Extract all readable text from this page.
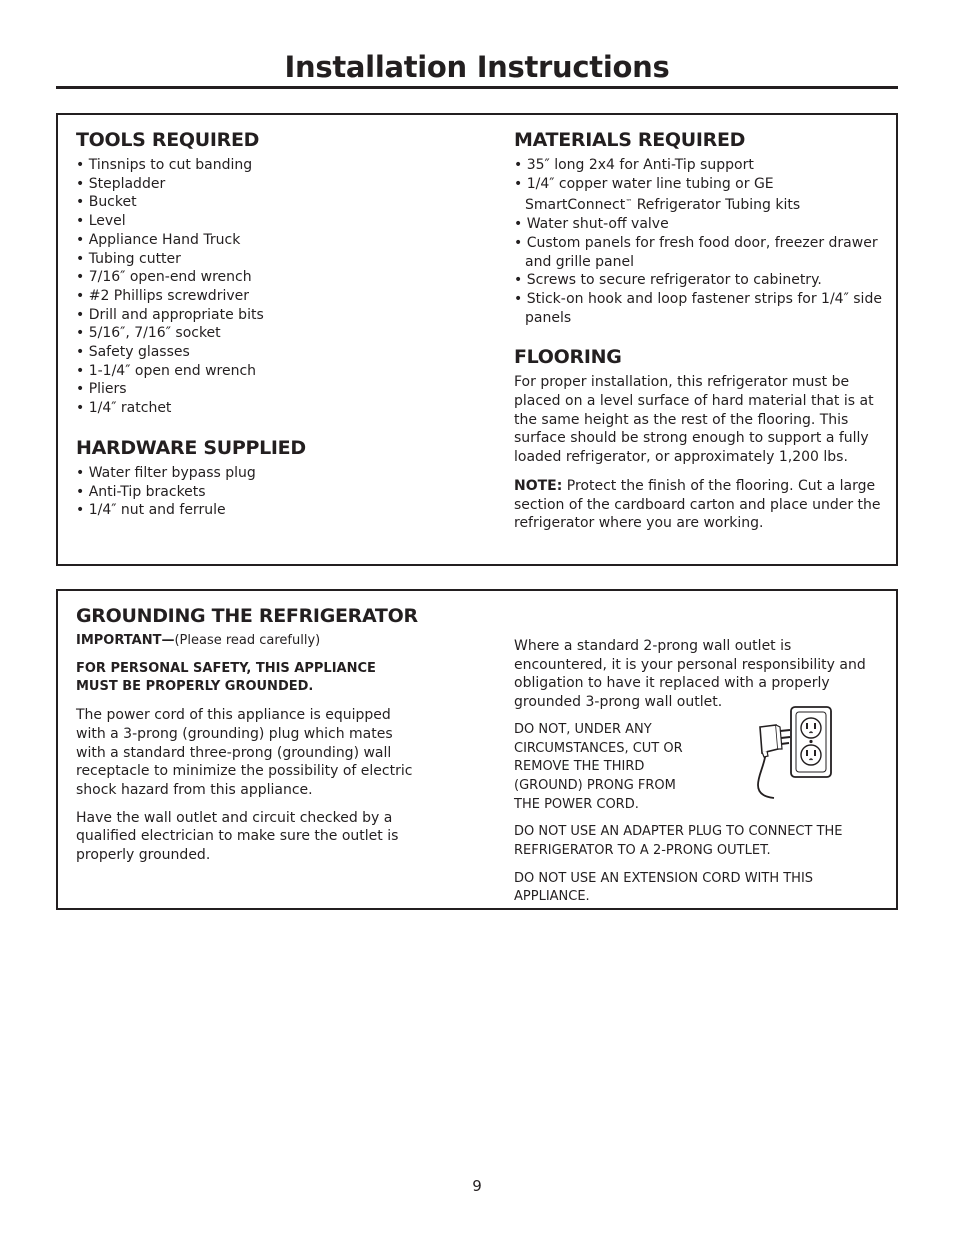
Installation Instructions
TOOLS REQUIRED
• Tinsnips to cut banding
• Stepladder
• Bucket
• Level
• Appliance Hand Truck
• Tubing cutter
• 7/16″ open-end wrench
• #2 Phillips screwdriver
• Drill and appropriate bits
• 5/16″, 7/16″ socket
• Safety glasses
• 1-1/4″ open end wrench
• Pliers
• 1/4″ ratchet
HARDWARE SUPPLIED
• Water filter bypass plug
• Anti-Tip brackets
• 1/4″ nut and ferrule
MATERIALS REQUIRED
• 35″ long 2x4 for Anti-Tip support
• 1/4″ copper water line tubing or GE SmartConnect™ Refrigerator Tubing kits
• Water shut-off valve
• Custom panels for fresh food door, freezer drawer and grille panel
• Screws to secure refrigerator to cabinetry.
• Stick-on hook and loop fastener strips for 1/4″ side panels
FLOORING

For proper installation, this refrigerator must be placed on a level surface of hard material that is at the same height as the rest of the flooring. This surface should be strong enough to support a fully loaded refrigerator, or approximately 1,200 lbs.

NOTE: Protect the finish of the flooring. Cut a large section of the cardboard carton and place under the refrigerator where you are working.

GROUNDING THE REFRIGERATOR

IMPORTANT—(Please read carefully)

FOR PERSONAL SAFETY, THIS APPLIANCE MUST BE PROPERLY GROUNDED.

The power cord of this appliance is equipped with a 3-prong (grounding) plug which mates with a standard three-prong (grounding) wall receptacle to minimize the possibility of electric shock hazard from this appliance.

Have the wall outlet and circuit checked by a qualified electrician to make sure the outlet is properly grounded.

Where a standard 2-prong wall outlet is encountered, it is your personal responsibility and obligation to have it replaced with a properly grounded 3-prong wall outlet.

DO NOT, UNDER ANY CIRCUMSTANCES, CUT OR REMOVE THE THIRD (GROUND) PRONG FROM THE POWER CORD.

DO NOT USE AN ADAPTER PLUG TO CONNECT THE REFRIGERATOR TO A 2-PRONG OUTLET.

DO NOT USE AN EXTENSION CORD WITH THIS APPLIANCE.

9
